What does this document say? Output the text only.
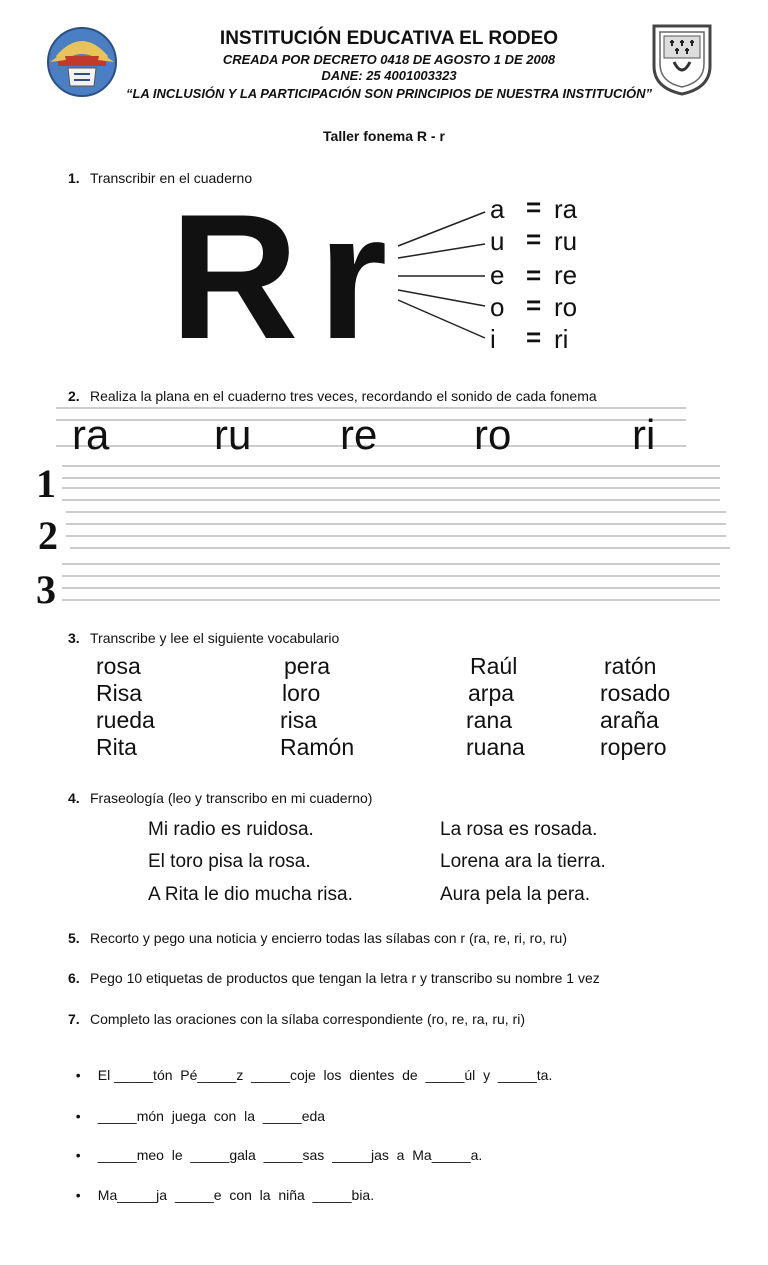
INSTITUCIÓN EDUCATIVA EL RODEO
CREADA POR DECRETO 0418 DE AGOSTO 1 DE 2008
DANE: 25 4001003323
“LA INCLUSIÓN Y LA PARTICIPACIÓN SON PRINCIPIOS DE NUESTRA INSTITUCIÓN”
Taller fonema R - r
1. Transcribir en el cuaderno
R r	a
u
e
o
i
=
=
=
=
=
ra
ru
re
ro
ri
2. Realiza la plana en el cuaderno tres veces, recordando el sonido de cada fonema
ra ru re ro	ri
1
2
3
3. Transcribe y lee el siguiente vocabulario
rosa
Risa
rueda
Rita
pera
loro
risa
Ramón
Raúl
arpa
rana
ruana
ratón
rosado
araña
ropero
4. Fraseología (leo y transcribo en mi cuaderno)
Mi radio es ruidosa.
El toro pisa la rosa.
A Rita le dio mucha risa.
La rosa es rosada.
Lorena ara la tierra.
Aura pela la pera.
5. Recorto y pego una noticia y encierro todas las sílabas con r (ra, re, ri, ro, ru)
6. Pego 10 etiquetas de productos que tengan la letra r y transcribo su nombre 1 vez
7. Completo las oraciones con la sílaba correspondiente (ro, re, ra, ru, ri)

• El _____tón  Pé_____z  _____coje  los  dientes  de  _____úl  y  _____ta.

• _____món  juega  con  la  _____eda

• _____meo  le  _____gala  _____sas  _____jas  a  Ma_____a.

• Ma_____ja  _____e  con  la  niña  _____bia.
